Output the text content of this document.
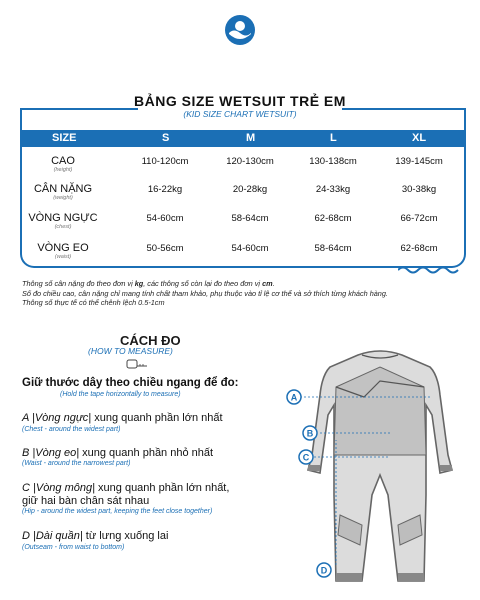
BẢNG SIZE WETSUIT TRẺ EM
(KID SIZE CHART WETSUIT)
SIZE	S	M	L	XL
CAO
(height)
110-120cm	120-130cm	130-138cm	139-145cm
CÂN NẶNG
(weight)
16-22kg	20-28kg	24-33kg	30-38kg
VÒNG NGỰC
(chest)
54-60cm	58-64cm	62-68cm	66-72cm
VÒNG EO
(waist)
50-56cm	54-60cm	58-64cm	62-68cm
Thông số cân nặng đo theo đơn vị kg, các thông số còn lại đo theo đơn vị cm.
Số đo chiều cao, cân nặng chỉ mang tính chất tham khảo, phụ thuộc vào tỉ lệ cơ thể và sở thích từng khách hàng.
Thông số thực tế có thể chênh lệch 0.5-1cm
CÁCH ĐO
(HOW TO MEASURE)
Giữ thước dây theo chiều ngang để đo:
(Hold the tape horizontally to measure)
A |Vòng ngực| xung quanh phần lớn nhất
(Chest - around the widest part)
B |Vòng eo| xung quanh phần nhỏ nhất
(Waist - around the narrowest part)
C |Vòng mông| xung quanh phần lớn nhất,
giữ hai bàn chân sát nhau
(Hip - around the widest part, keeping the feet close together)
D |Dài quần| từ lưng xuống lai
(Outseam - from waist to bottom)
A
B
C
D
